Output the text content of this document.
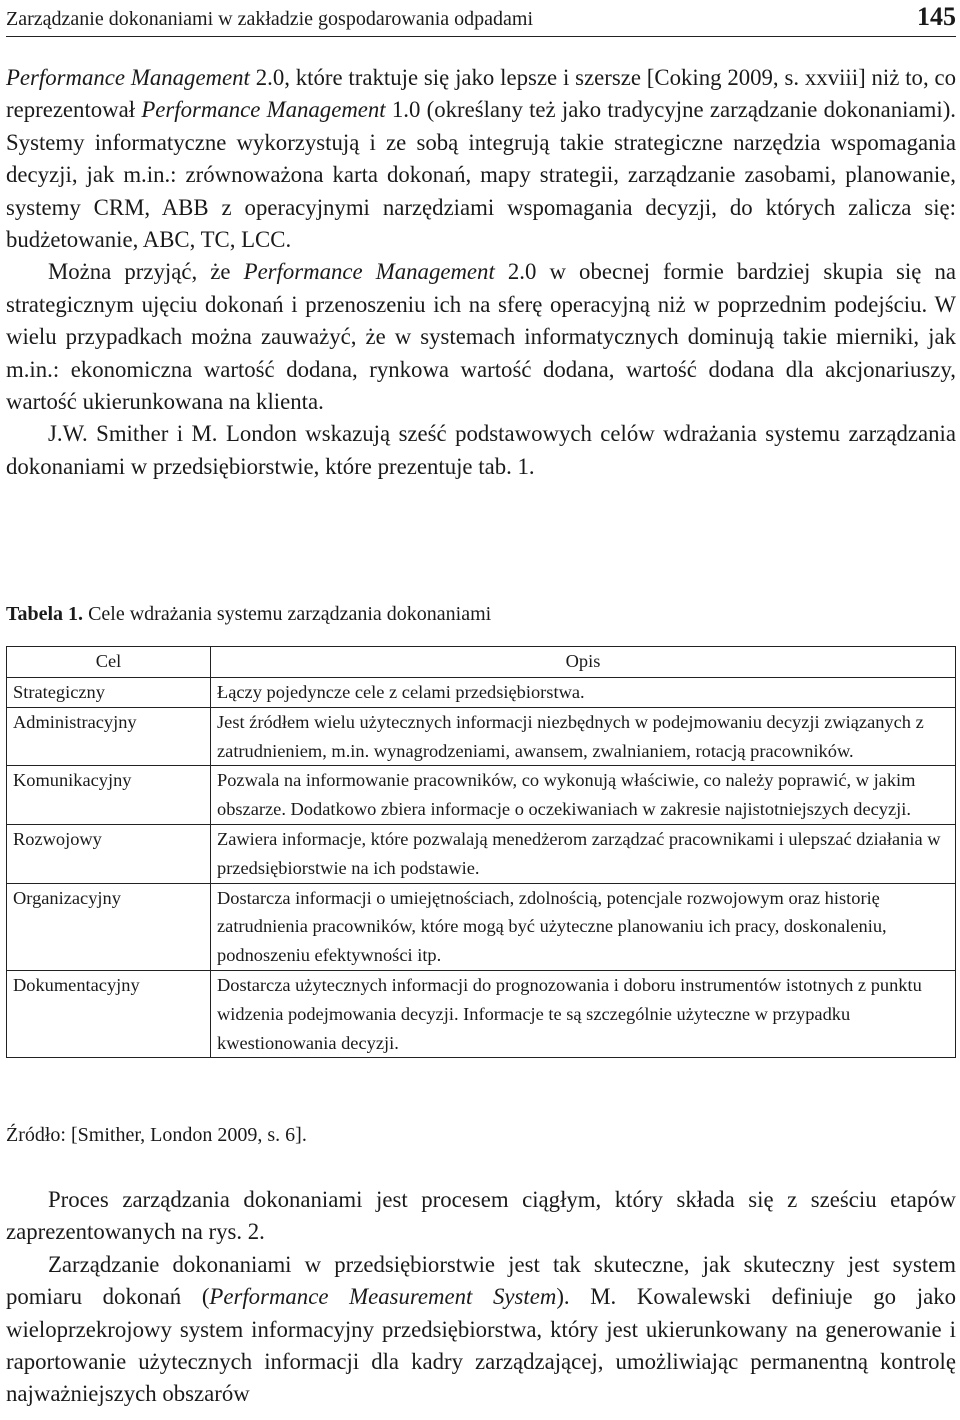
Zarządzanie dokonaniami w zakładzie gospodarowania odpadami	145

Performance Management 2.0, które traktuje się jako lepsze i szersze [Coking 2009, s. xxviii] niż to, co reprezentował Performance Management 1.0 (określany też jako tradycyjne zarządzanie dokonaniami). Systemy informatyczne wykorzystują i ze sobą integrują takie strategiczne narzędzia wspomagania decyzji, jak m.in.: zrównoważona karta dokonań, mapy strategii, zarządzanie zasobami, planowanie, systemy CRM, ABB z operacyjnymi narzędziami wspomagania decyzji, do których zalicza się: budżetowanie, ABC, TC, LCC.

Można przyjąć, że Performance Management 2.0 w obecnej formie bardziej skupia się na strategicznym ujęciu dokonań i przenoszeniu ich na sferę operacyjną niż w poprzednim podejściu. W wielu przypadkach można zauważyć, że w systemach informatycznych dominują takie mierniki, jak m.in.: ekonomiczna wartość dodana, rynkowa wartość dodana, wartość dodana dla akcjonariuszy, wartość ukierunkowana na klienta.

J.W. Smither i M. London wskazują sześć podstawowych celów wdrażania systemu zarządzania dokonaniami w przedsiębiorstwie, które prezentuje tab. 1.

Tabela 1. Cele wdrażania systemu zarządzania dokonaniami
Cel	Opis
Strategiczny	Łączy pojedyncze cele z celami przedsiębiorstwa.
Administracyjny	Jest źródłem wielu użytecznych informacji niezbędnych w podejmowaniu decyzji związanych z zatrudnieniem, m.in. wynagrodzeniami, awansem, zwalnianiem, rotacją pracowników.
Komunikacyjny	Pozwala na informowanie pracowników, co wykonują właściwie, co należy poprawić, w jakim obszarze. Dodatkowo zbiera informacje o oczekiwaniach w zakresie najistotniejszych decyzji.
Rozwojowy	Zawiera informacje, które pozwalają menedżerom zarządzać pracownikami i ulepszać działania w przedsiębiorstwie na ich podstawie.
Organizacyjny	Dostarcza informacji o umiejętnościach, zdolnością, potencjale rozwojowym oraz historię zatrudnienia pracowników, które mogą być użyteczne planowaniu ich pracy, doskonaleniu, podnoszeniu efektywności itp.
Dokumentacyjny	Dostarcza użytecznych informacji do prognozowania i doboru instrumentów istotnych z punktu widzenia podejmowania decyzji. Informacje te są szczególnie użyteczne w przypadku kwestionowania decyzji.
Źródło: [Smither, London 2009, s. 6].

Proces zarządzania dokonaniami jest procesem ciągłym, który składa się z sześciu etapów zaprezentowanych na rys. 2.

Zarządzanie dokonaniami w przedsiębiorstwie jest tak skuteczne, jak skuteczny jest system pomiaru dokonań (Performance Measurement System). M. Kowalewski definiuje go jako wieloprzekrojowy system informacyjny przedsiębiorstwa, który jest ukierunkowany na generowanie i raportowanie użytecznych informacji dla kadry zarządzającej, umożliwiając permanentną kontrolę najważniejszych obszarów
